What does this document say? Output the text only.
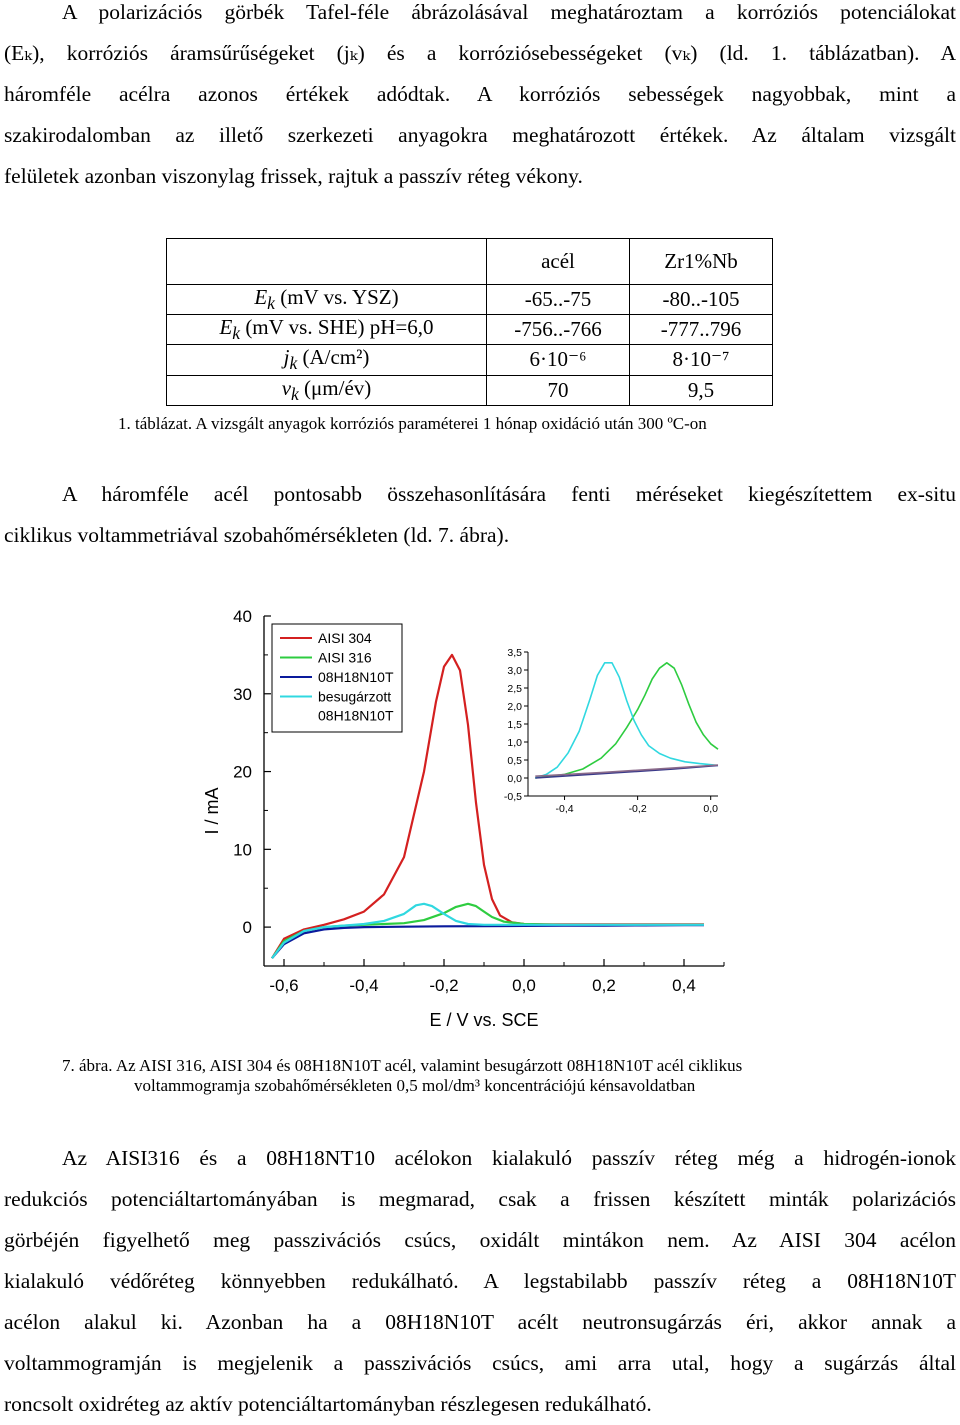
A polarizációs görbék Tafel-féle ábrázolásával meghatároztam a korróziós potenciálokat
(Eₖ), korróziós áramsűrűségeket (jₖ) és a korróziósebességeket (vₖ) (ld. 1. táblázatban). A
háromféle acélra azonos értékek adódtak. A korróziós sebességek nagyobbak, mint a
szakirodalomban az illető szerkezeti anyagokra meghatározott értékek. Az általam vizsgált
felületek azonban viszonylag frissek, rajtuk a passzív réteg vékony.
	acél	Zr1%Nb
$E_k$ (mV vs. YSZ)	-65..-75	-80..-105
$E_k$ (mV vs. SHE) pH=6,0	-756..-766	-777..796
$j_k$ (A/cm²)	6·10⁻⁶	8·10⁻⁷
$v_k$ (μm/év)	70	9,5
1. táblázat. A vizsgált anyagok korróziós paraméterei 1 hónap oxidáció után 300 ºC-on
A háromféle acél pontosabb összehasonlítására fenti méréseket kiegészítettem ex-situ
ciklikus voltammetriával szobahőmérsékleten (ld. 7. ábra).
0
10
20
30
40
-0,6	-0,4	-0,2	0,0	0,2	0,4
AISI 304
AISI 316
08H18N10T
besugárzott
08H18N10T
-0,5
0,0
0,5
1,0
1,5
2,0
2,5
3,0
3,5
-0,4	-0,2	0,0
I / mA
E / V vs. SCE
7. ábra. Az AISI 316, AISI 304 és 08H18N10T acél, valamint besugárzott 08H18N10T acél ciklikus
voltammogramja szobahőmérsékleten 0,5 mol/dm³ koncentrációjú kénsavoldatban
Az AISI316 és a 08H18NT10 acélokon kialakuló passzív réteg még a hidrogén-ionok
redukciós potenciáltartományában is megmarad, csak a frissen készített minták polarizációs
görbéjén figyelhető meg passzivációs csúcs, oxidált mintákon nem. Az AISI 304 acélon
kialakuló védőréteg könnyebben redukálható. A legstabilabb passzív réteg a 08H18N10T
acélon alakul ki. Azonban ha a 08H18N10T acélt neutronsugárzás éri, akkor annak a
voltammogramján is megjelenik a passzivációs csúcs, ami arra utal, hogy a sugárzás által
roncsolt oxidréteg az aktív potenciáltartományban részlegesen redukálható.
